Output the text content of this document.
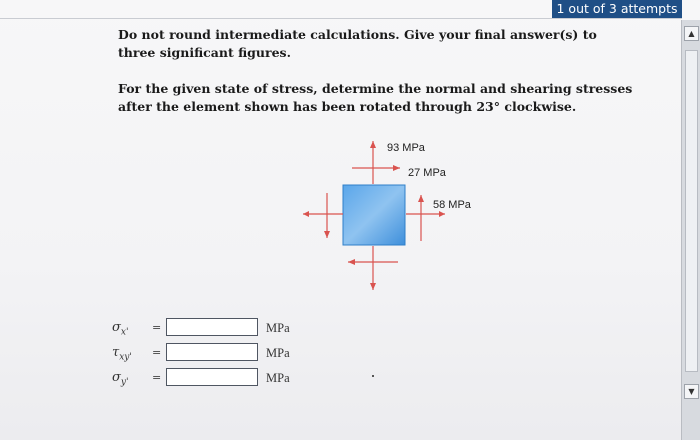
1 out of 3 attempts
Do not round intermediate calculations. Give your final answer(s) to three significant figures.
For the given state of stress, determine the normal and shearing stresses after the element shown has been rotated through 23° clockwise.
93 MPa
27 MPa
58 MPa
$\sigma_{x'}$	=	MPa
$\tau_{xy'}$	=	MPa
$\sigma_{y'}$	=	MPa
▲
▼
